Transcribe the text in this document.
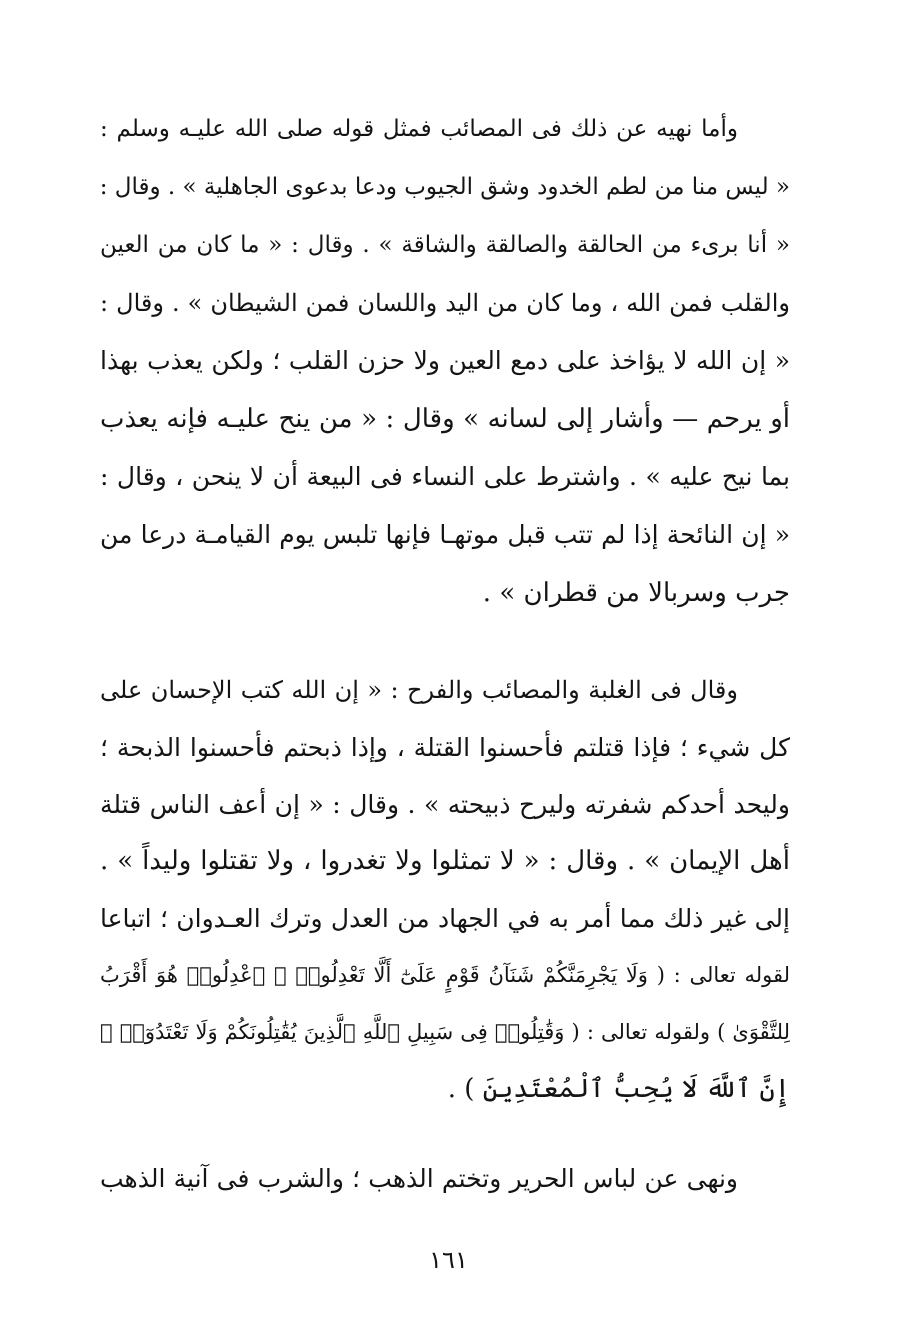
وأما نهيه عن ذلك فى المصائب فمثل قوله صلى الله عليـه وسلم :
« ليس منا من لطم الخدود وشق الجيوب ودعا بدعوى الجاهلية » . وقال :
« أنا برىء من الحالقة والصالقة والشاقة » . وقال : « ما كان من العين
والقلب فمن الله ، وما كان من اليد واللسان فمن الشيطان » . وقال :
« إن الله لا يؤاخذ على دمع العين ولا حزن القلب ؛ ولكن يعذب بهذا
أو يرحم — وأشار إلى لسانه » وقال : « من ينح عليـه فإنه يعذب
بما نيح عليه » . واشترط على النساء فى البيعة أن لا ينحن ، وقال :
« إن النائحة إذا لم تتب قبل موتهـا فإنها تلبس يوم القيامـة درعا من
جرب وسربالا من قطران » .
وقال فى الغلبة والمصائب والفرح : « إن الله كتب الإحسان على
كل شيء ؛ فإذا قتلتم فأحسنوا القتلة ، وإذا ذبحتم فأحسنوا الذبحة ؛
وليحد أحدكم شفرته وليرح ذبيحته » . وقال : « إن أعف الناس قتلة
أهل الإيمان » . وقال : « لا تمثلوا ولا تغدروا ، ولا تقتلوا وليداً » .
إلى غير ذلك مما أمر به في الجهاد من العدل وترك العـدوان ؛ اتباعا
لقوله تعالى : ( وَلَا يَجْرِمَنَّكُمْ شَنَآنُ قَوْمٍ عَلَىٰٓ أَلَّا تَعْدِلُوا۟ ۚ ٱعْدِلُوا۟ هُوَ أَقْرَبُ
لِلتَّقْوَىٰ ) ولقوله تعالى : ( وَقَٰتِلُوا۟ فِى سَبِيلِ ٱللَّهِ ٱلَّذِينَ يُقَٰتِلُونَكُمْ وَلَا تَعْتَدُوٓا۟ ۚ
إِنَّ ٱللَّهَ لَا يُحِبُّ ٱلْمُعْتَدِينَ ) .
ونهى عن لباس الحرير وتختم الذهب ؛ والشرب فى آنية الذهب
١٦١
